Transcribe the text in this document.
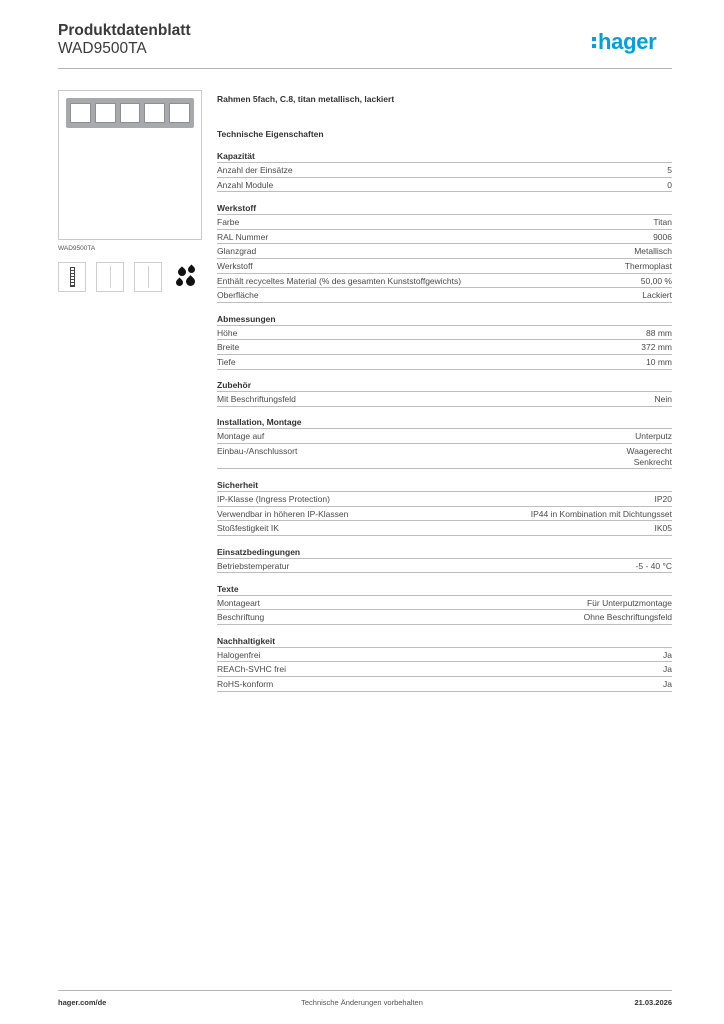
Produktdatenblatt
WAD9500TA	hager
WAD9500TA
Rahmen 5fach, C.8, titan metallisch, lackiert
Technische Eigenschaften
Kapazität
Anzahl der Einsätze	5
Anzahl Module	0
Werkstoff
Farbe	Titan
RAL Nummer	9006
Glanzgrad	Metallisch
Werkstoff	Thermoplast
Enthält recyceltes Material (% des gesamten Kunststoffgewichts)	50,00 %
Oberfläche	Lackiert
Abmessungen
Höhe	88 mm
Breite	372 mm
Tiefe	10 mm
Zubehör
Mit Beschriftungsfeld	Nein
Installation, Montage
Montage auf	Unterputz
Einbau-/Anschlussort	Waagerecht
Senkrecht
Sicherheit
IP-Klasse (Ingress Protection)	IP20
Verwendbar in höheren IP-Klassen	IP44 in Kombination mit Dichtungsset
Stoßfestigkeit IK	IK05
Einsatzbedingungen
Betriebstemperatur	-5 - 40 °C
Texte
Montageart	Für Unterputzmontage
Beschriftung	Ohne Beschriftungsfeld
Nachhaltigkeit
Halogenfrei	Ja
REACh-SVHC frei	Ja
RoHS-konform	Ja
hager.com/de	Technische Änderungen vorbehalten	21.03.2026
